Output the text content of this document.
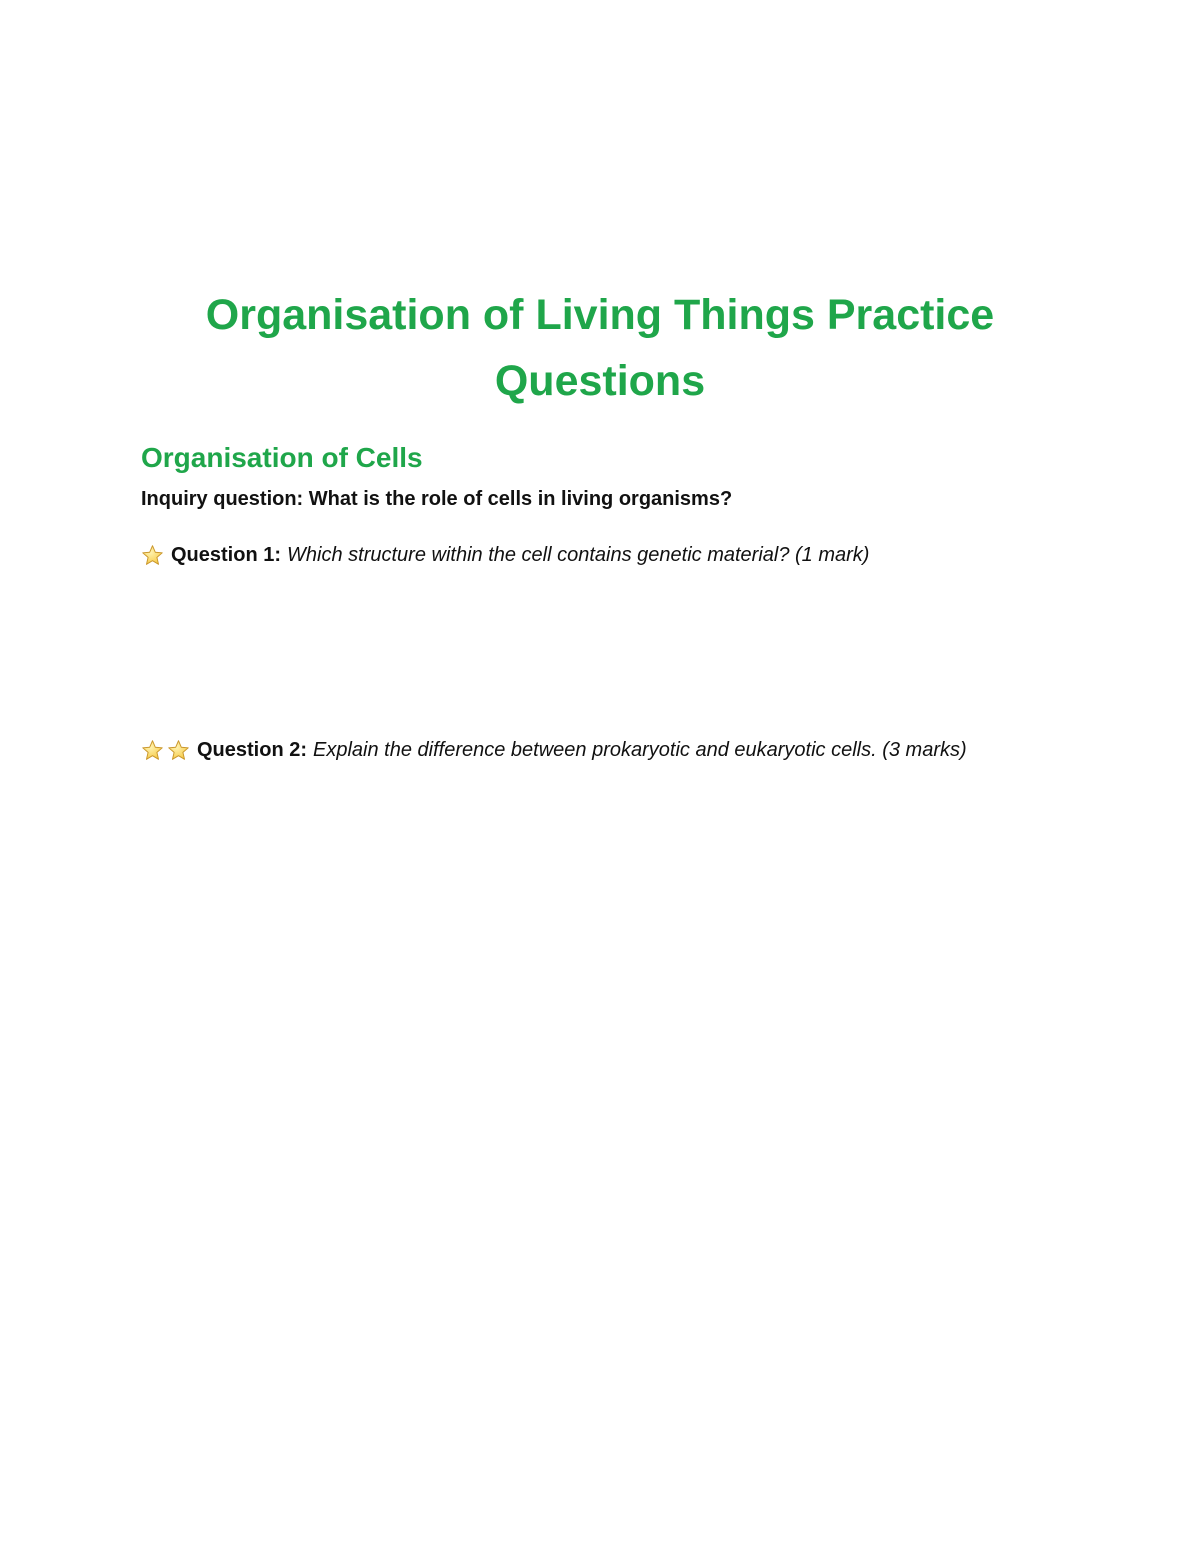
Organisation of Living Things Practice Questions
Organisation of Cells

Inquiry question: What is the role of cells in living organisms?

Question 1: Which structure within the cell contains genetic material? (1 mark)
Question 2: Explain the difference between prokaryotic and eukaryotic cells. (3 marks)
